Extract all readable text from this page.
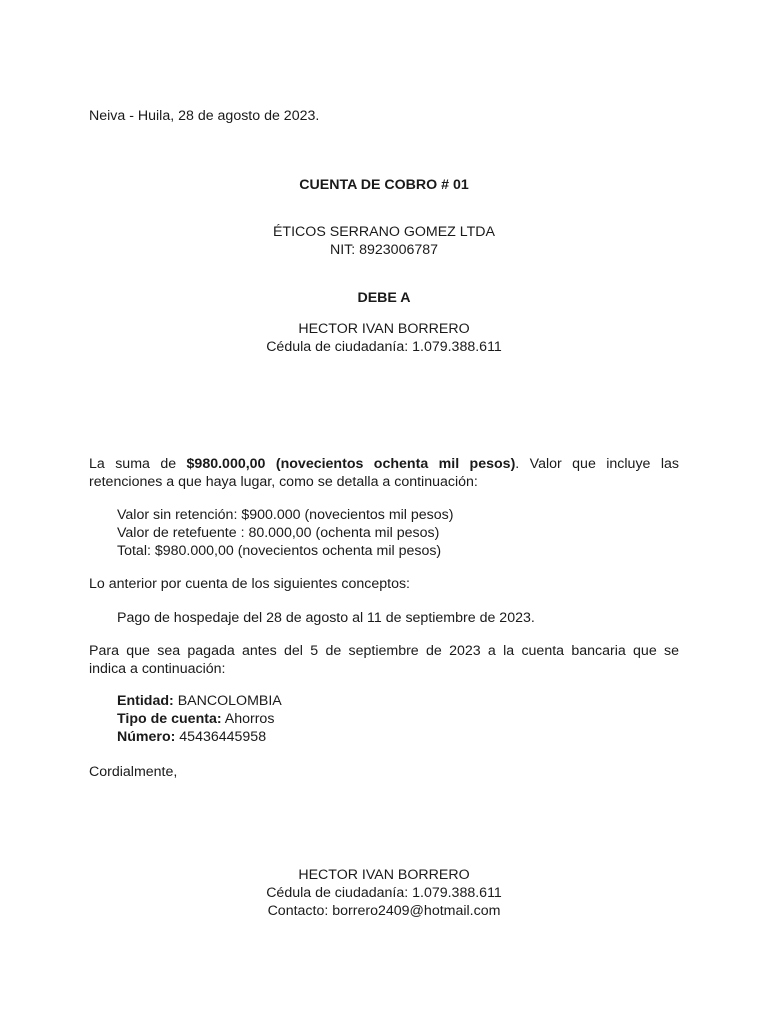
Neiva - Huila, 28 de agosto de 2023.
CUENTA DE COBRO # 01
ÉTICOS SERRANO GOMEZ LTDA
NIT: 8923006787
DEBE A
HECTOR IVAN BORRERO
Cédula de ciudadanía: 1.079.388.611
La suma de $980.000,00 (novecientos ochenta mil pesos). Valor que incluye las
retenciones a que haya lugar, como se detalla a continuación:
Valor sin retención: $900.000 (novecientos mil pesos)
Valor de retefuente : 80.000,00 (ochenta mil pesos)
Total: $980.000,00 (novecientos ochenta mil pesos)
Lo anterior por cuenta de los siguientes conceptos:
Pago de hospedaje del 28 de agosto al 11 de septiembre de 2023.
Para que sea pagada antes del 5 de septiembre de 2023 a la cuenta bancaria que se
indica a continuación:
Entidad: BANCOLOMBIA
Tipo de cuenta: Ahorros
Número: 45436445958
Cordialmente,
HECTOR IVAN BORRERO
Cédula de ciudadanía: 1.079.388.611
Contacto: borrero2409@hotmail.com
